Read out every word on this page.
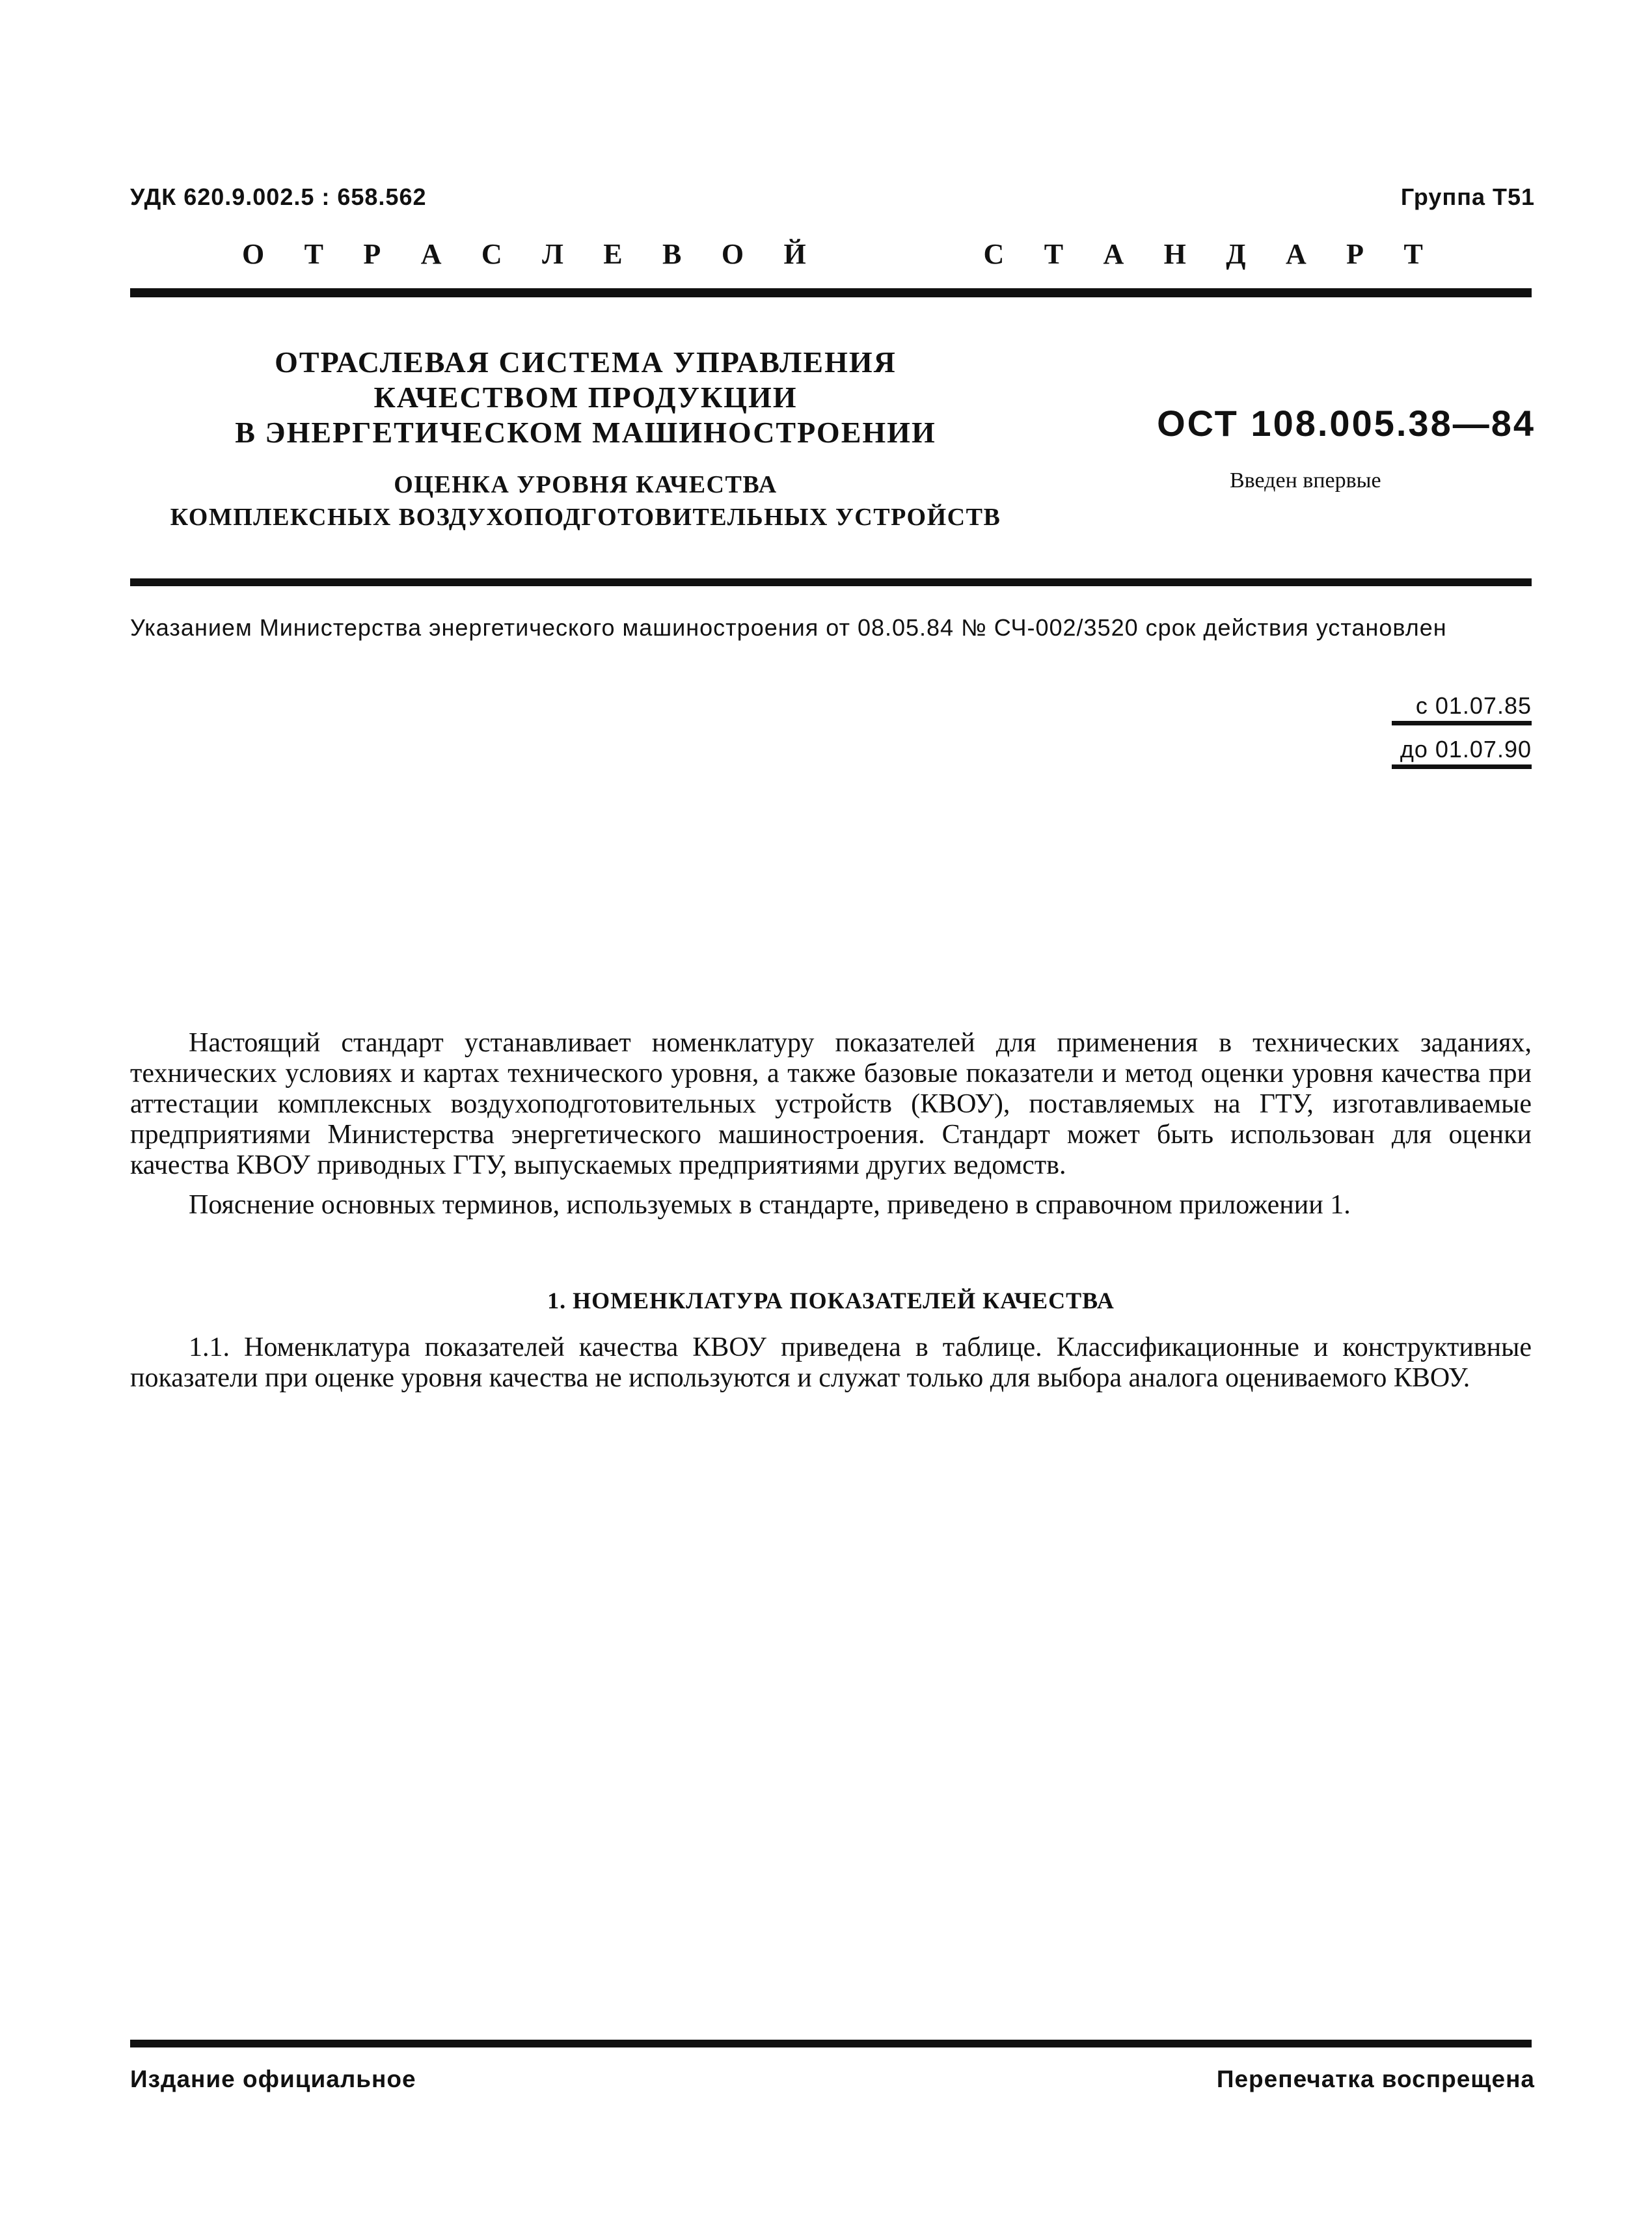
УДК 620.9.002.5 : 658.562	Группа Т51
О Т Р А С Л Е В О Й	С Т А Н Д А Р Т
ОТРАСЛЕВАЯ СИСТЕМА УПРАВЛЕНИЯ
КАЧЕСТВОМ ПРОДУКЦИИ
В ЭНЕРГЕТИЧЕСКОМ МАШИНОСТРОЕНИИ
ОЦЕНКА УРОВНЯ КАЧЕСТВА
КОМПЛЕКСНЫХ ВОЗДУХОПОДГОТОВИТЕЛЬНЫХ УСТРОЙСТВ
ОСТ 108.005.38—84
Введен впервые
Указанием Министерства энергетического машиностроения от 08.05.84 № СЧ-002/3520 срок действия установлен
с 01.07.85
до 01.07.90

Настоящий стандарт устанавливает номенклатуру показателей для применения в технических заданиях, технических условиях и картах технического уровня, а также базовые показатели и метод оценки уровня качества при аттестации комплексных воздухоподготовительных устройств (КВОУ), поставляемых на ГТУ, изготавливаемые предприятиями Министерства энергетического машиностроения. Стандарт может быть использован для оценки качества КВОУ приводных ГТУ, выпускаемых предприятиями других ведомств.

Пояснение основных терминов, используемых в стандарте, приведено в справочном приложении 1.

1. НОМЕНКЛАТУРА ПОКАЗАТЕЛЕЙ КАЧЕСТВА

1.1. Номенклатура показателей качества КВОУ приведена в таблице. Классификационные и конструктивные показатели при оценке уровня качества не используются и служат только для выбора аналога оцениваемого КВОУ.

Издание официальное	Перепечатка воспрещена
